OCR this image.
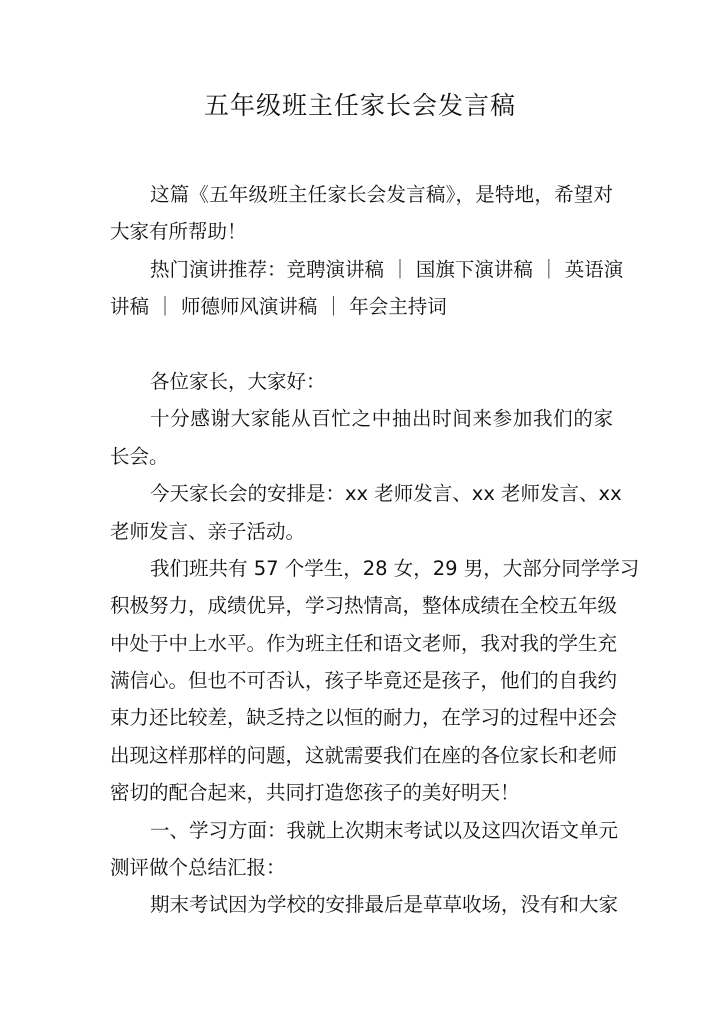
五年级班主任家长会发言稿
这篇《五年级班主任家长会发言稿》，是特地，希望对
大家有所帮助！
热门演讲推荐：竞聘演讲稿 ｜ 国旗下演讲稿 ｜ 英语演
讲稿 ｜ 师德师风演讲稿 ｜ 年会主持词
各位家长，大家好：
十分感谢大家能从百忙之中抽出时间来参加我们的家
长会。
今天家长会的安排是：xx 老师发言、xx 老师发言、xx
老师发言、亲子活动。
我们班共有 57 个学生，28 女，29 男，大部分同学学习
积极努力，成绩优异，学习热情高，整体成绩在全校五年级
中处于中上水平。作为班主任和语文老师，我对我的学生充
满信心。但也不可否认，孩子毕竟还是孩子，他们的自我约
束力还比较差，缺乏持之以恒的耐力，在学习的过程中还会
出现这样那样的问题，这就需要我们在座的各位家长和老师
密切的配合起来，共同打造您孩子的美好明天！
一、学习方面：我就上次期末考试以及这四次语文单元
测评做个总结汇报：
期末考试因为学校的安排最后是草草收场，没有和大家
